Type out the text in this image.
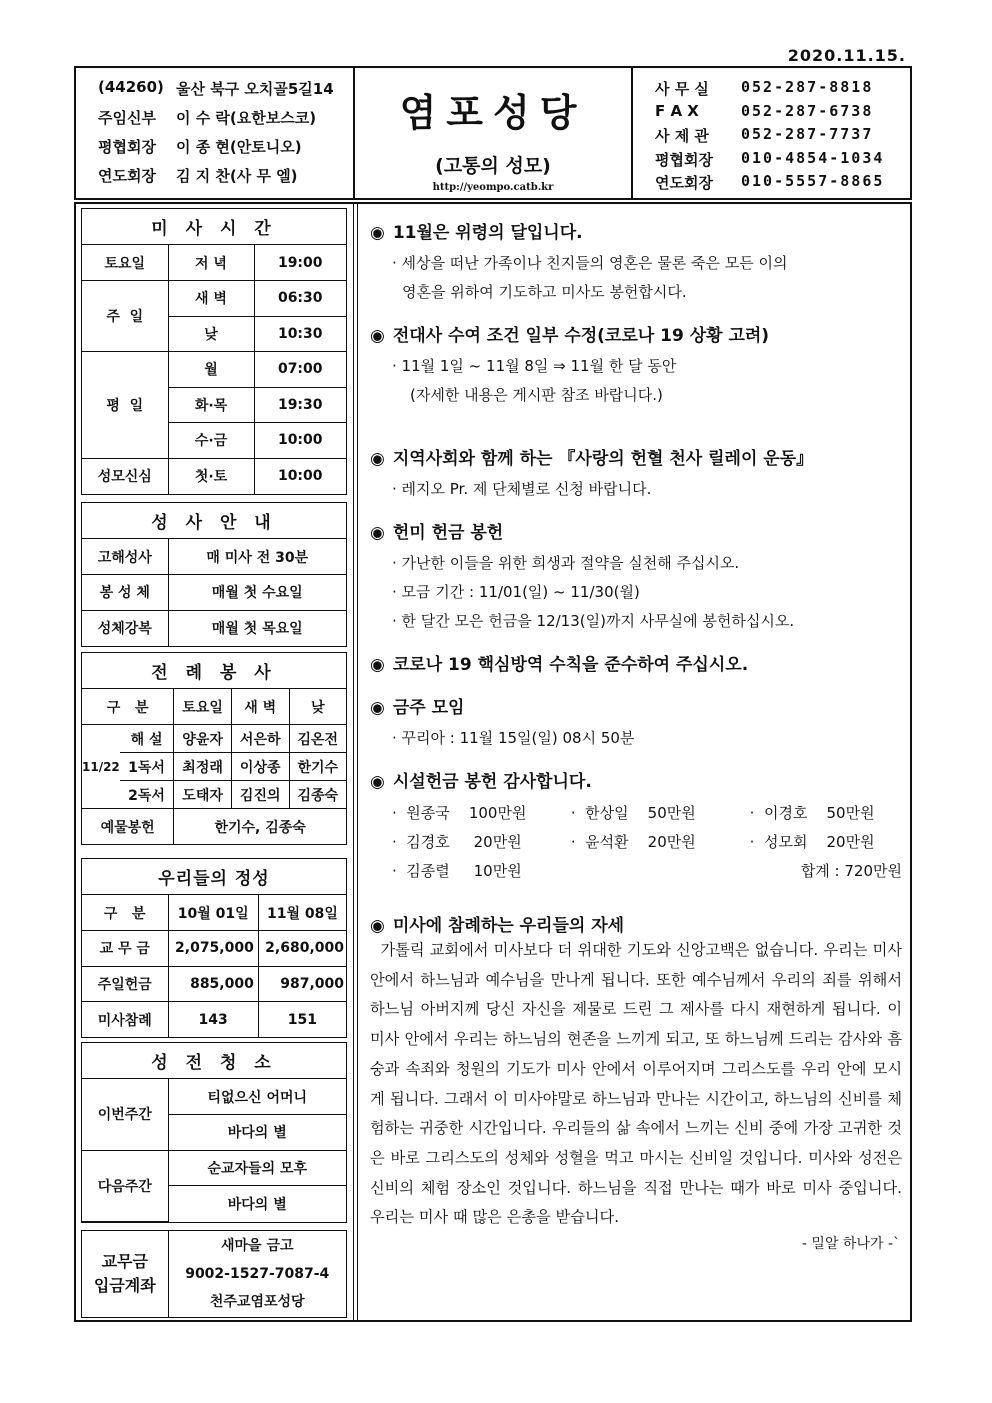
2020.11.15.
(44260) 울산 북구 오치골5길14
주임신부	이 수 락(요한보스코)
평협회장	이 종 현(안토니오)
연도회장	김 지 찬(사 무 엘)
염포성당
(고통의 성모)
http://yeompo.catb.kr
사 무 실	052-287-8818
F A X	052-287-6738
사 제 관	052-287-7737
평협회장	010-4854-1034
연도회장	010-5557-8865
미 사 시 간
토요일	저 녁	19:00
주  일	새 벽	06:30
	낮	10:30
평  일	월	07:00
	화·목	19:30
	수·금	10:00
성모신심	첫·토	10:00
성 사 안 내
고해성사	매 미사 전 30분
봉 성 체	매월 첫 수요일
성체강복	매월 첫 목요일
전 례 봉 사
구   분		토요일	새 벽	낮
11/22	해 설	양윤자	서은하	김온전
	1독서	최정래	이상종	한기수
	2독서	도태자	김진의	김종숙
예물봉헌		한기수, 김종숙		
우리들의 정성
구   분	10월 01일	11월 08일
교 무 금	2,075,000	2,680,000
주일헌금	885,000	987,000
미사참례	143	151
성 전 청 소
이번주간	티없으신 어머니
	바다의 별
다음주간	순교자들의 모후
	바다의 별
교무금
입금계좌

새마을 금고
9002-1527-7087-4
천주교염포성당
◉ 11월은 위령의 달입니다.
· 세상을 떠난 가족이나 친지들의 영혼은 물론 죽은 모든 이의
영혼을 위하여 기도하고 미사도 봉헌합시다.
◉ 전대사 수여 조건 일부 수정(코로나 19 상황 고려)
· 11월 1일 ~ 11월 8일 ⇒ 11월 한 달 동안
(자세한 내용은 게시판 참조 바랍니다.)
◉ 지역사회와 함께 하는 『사랑의 헌혈 천사 릴레이 운동』
· 레지오 Pr. 제 단체별로 신청 바랍니다.
◉ 헌미 헌금 봉헌
· 가난한 이들을 위한 희생과 절약을 실천해 주십시오.
· 모금 기간 : 11/01(일) ~ 11/30(월)
· 한 달간 모은 헌금을 12/13(일)까지 사무실에 봉헌하십시오.
◉ 코로나 19 핵심방역 수칙을 준수하여 주십시오.
◉ 금주 모임
· 꾸리아 : 11월 15일(일) 08시 50분
◉ 시설헌금 봉헌 감사합니다.
·  원종국    100만원	·  한상일    50만원	·  이경호    50만원
·  김경호     20만원	·  윤석환    20만원	·  성모회    20만원
·  김종렬     10만원	합계 : 720만원
◉ 미사에 참례하는 우리들의 자세
가톨릭 교회에서 미사보다 더 위대한 기도와 신앙고백은 없습니다. 우리는 미사 안에서 하느님과 예수님을 만나게 됩니다. 또한 예수님께서 우리의 죄를 위해서 하느님 아버지께 당신 자신을 제물로 드린 그 제사를 다시 재현하게 됩니다. 이 미사 안에서 우리는 하느님의 현존을 느끼게 되고, 또 하느님께 드리는 감사와 흠숭과 속죄와 청원의 기도가 미사 안에서 이루어지며 그리스도를 우리 안에 모시게 됩니다. 그래서 이 미사야말로 하느님과 만나는 시간이고, 하느님의 신비를 체험하는 귀중한 시간입니다. 우리들의 삶 속에서 느끼는 신비 중에 가장 고귀한 것은 바로 그리스도의 성체와 성혈을 먹고 마시는 신비일 것입니다. 미사와 성전은 신비의 체험 장소인 것입니다. 하느님을 직접 만나는 때가 바로 미사 중입니다. 우리는 미사 때 많은 은총을 받습니다.
- 밀알 하나가 -`
